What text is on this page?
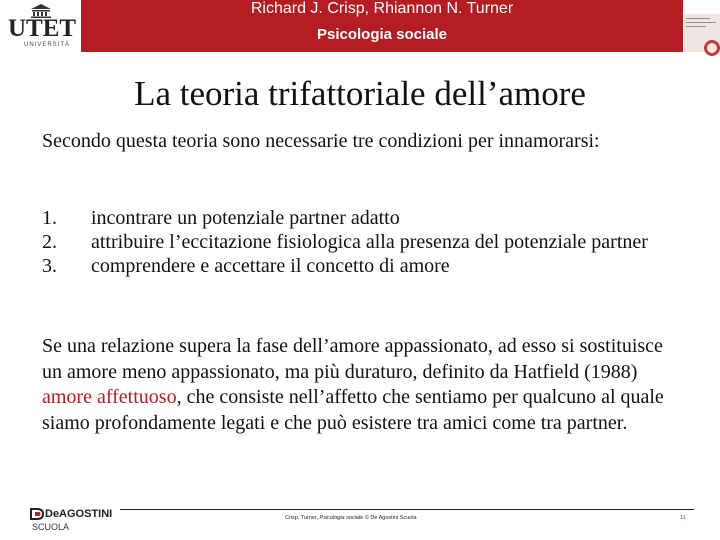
UTET
UNIVERSITÀ
Richard J. Crisp, Rhiannon N. Turner
Psicologia sociale
La teoria trifattoriale dell’amore
Secondo questa teoria sono necessarie tre condizioni per innamorarsi:
1. incontrare un potenziale partner adatto
2. attribuire l’eccitazione fisiologica alla presenza del potenziale partner
3. comprendere e accettare il concetto di amore
Se una relazione supera la fase dell’amore appassionato, ad esso si sostituisce un amore meno appassionato, ma più duraturo, definito da Hatfield (1988) amore affettuoso, che consiste nell’affetto che sentiamo per qualcuno al quale siamo profondamente legati e che può esistere tra amici come tra partner.
DeAGOSTINI
SCUOLA
Crisp, Turner, Psicologia sociale © De Agostini Scuola	11
